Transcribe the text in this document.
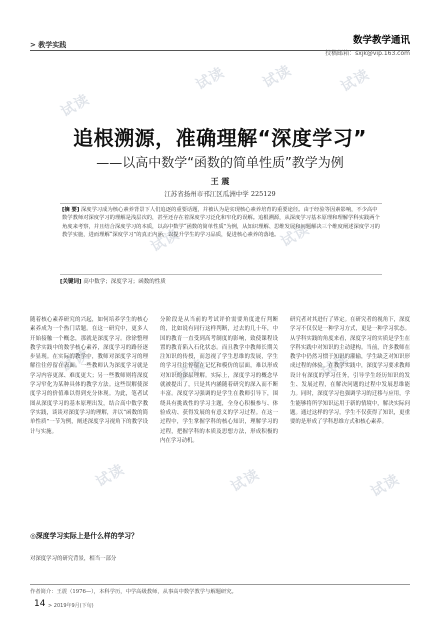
试读 试读	试读
试读
试读	试读
试读	试读	试读
试读	试读	试读
> 教学实践	数学教学通讯
投稿邮箱：sxjk@vip.163.com
追根溯源，准确理解“深度学习”
——以高中数学“函数的简单性质”教学为例
王 震
江苏省扬州市邗江区瓜洲中学 225129
[摘 要] 深度学习成为核心素养背景下人们追逐的重要话题，并被认为是实现核心素养培育的重要途径。由于经验等因素影响，不少高中数学教师对深度学习的理解是浅层次的，甚至还存在着深度学习泛化和窄化的误解。追根溯源，从深度学习基本原理和理解学科实践两个角度来考察，并且结合深度学习的本质，以高中数学“函数的简单性质”为例，从知识理解、思维发展和问题解决三个维度阐述深度学习的教学实施，进而理解“深度学习”的真正内涵，以提升学生的学习品质，促进核心素养的落地。
[关键词] 高中数学；深度学习；函数的性质
随着核心素养研究的兴起，如何培养学生的核心素养成为一个热门话题。在这一研究中，更多人开始接触一个概念，那就是深度学习。徐徐整理教学实践中的数学核心素养，深度学习的路径逐步显现。在实际的教学中，教师对深度学习的理解往往停留在表面。一些教师认为深度学习就是学习内容更深、难度更大；另一些教师则将深度学习窄化为某种具体的教学方法。这些误解使深度学习的价值难以得到充分体现。为此，笔者试图从深度学习的基本原理出发，结合高中数学教学实践，谈谈对深度学习的理解，并以“函数的简单性质”一节为例，阐述深度学习视角下的教学设计与实施。
分阶段是从当前的考试评价需要角度进行判断的，比如说有同行这样判断，过去的几十年，中国的教育一直受到高考制度的影响，致使课程设置的教育陷入石化状态。而且教学中教师长期关注知识的传授，而忽视了学生思维的发展，学生的学习往往停留在记忆和模仿的层面，难以形成对知识的深层理解。实际上，深度学习的概念早就被提出了，只是其内涵随着研究的深入而不断丰富。深度学习强调的是学生在教师引导下，围绕具有挑战性的学习主题，全身心积极参与、体验成功、获得发展的有意义的学习过程。在这一过程中，学生掌握学科的核心知识，理解学习的过程，把握学科的本质及思想方法，形成积极的内在学习动机。
研究者对其进行了界定。在研究者的视角下，深度学习不仅仅是一种学习方式，更是一种学习状态。从学科实践的角度来看，深度学习的实质是学生在学科实践中对知识的主动建构。当前，许多教师在教学中仍然习惯于知识的灌输，学生缺乏对知识形成过程的体验。在教学实践中，深度学习要求教师设计有深度的学习任务，引导学生经历知识的发生、发展过程，在解决问题的过程中发展思维能力。同时，深度学习也强调学习的迁移与应用，学生能够将所学知识运用于新的情境中，解决实际问题。通过这样的学习，学生不仅获得了知识，更重要的是形成了学科思维方式和核心素养。
◎深度学习实际上是什么样的学习？
对深度学习的研究背景，相当一部分
作者简介：王震（1976—），本科学历，中学高级教师，从事高中数学教学与解题研究。
14 > 2019年9月(下旬)
